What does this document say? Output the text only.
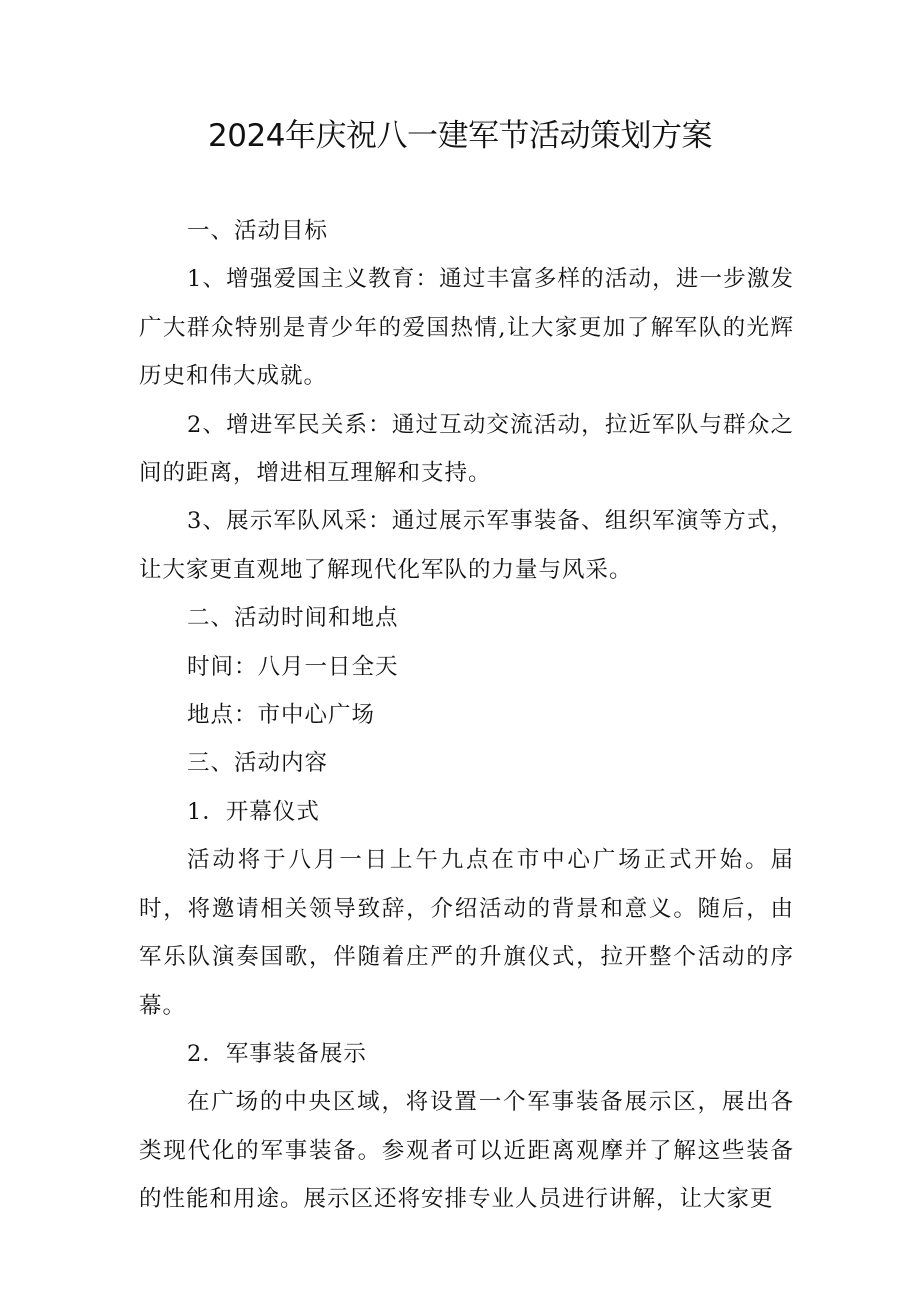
2024年庆祝八一建军节活动策划方案

一、活动目标

1、增强爱国主义教育：通过丰富多样的活动，进一步激发广大群众特别是青少年的爱国热情,让大家更加了解军队的光辉历史和伟大成就。

2、增进军民关系：通过互动交流活动，拉近军队与群众之间的距离，增进相互理解和支持。

3、展示军队风采：通过展示军事装备、组织军演等方式，让大家更直观地了解现代化军队的力量与风采。

二、活动时间和地点

时间：八月一日全天

地点：市中心广场

三、活动内容

1．开幕仪式

活动将于八月一日上午九点在市中心广场正式开始。届时，将邀请相关领导致辞，介绍活动的背景和意义。随后，由军乐队演奏国歌，伴随着庄严的升旗仪式，拉开整个活动的序幕。

2．军事装备展示

在广场的中央区域，将设置一个军事装备展示区，展出各类现代化的军事装备。参观者可以近距离观摩并了解这些装备的性能和用途。展示区还将安排专业人员进行讲解，让大家更
